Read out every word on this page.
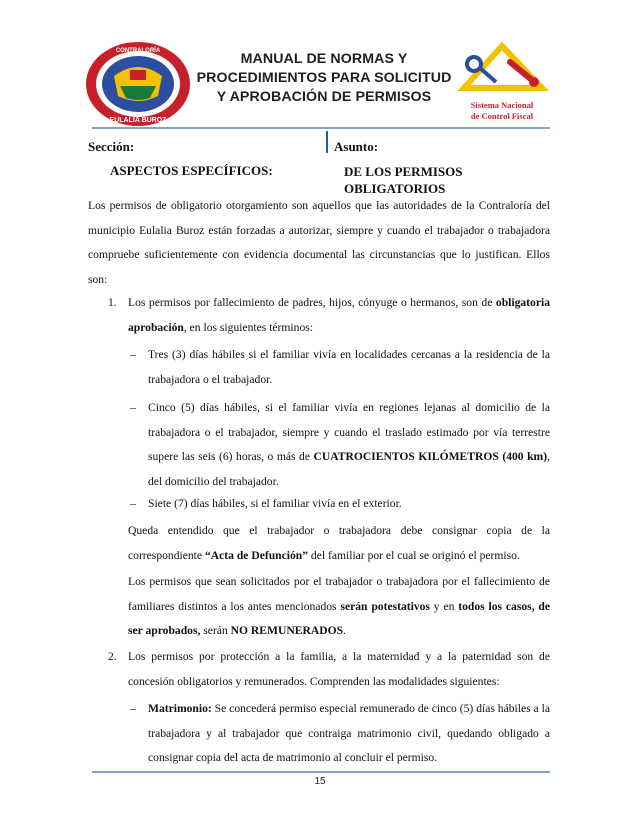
EULALIA BUROZ
CONTRALORÍA	MANUAL DE NORMAS Y
PROCEDIMIENTOS PARA SOLICITUD
Y APROBACIÓN DE PERMISOS	Sistema Nacional
de Control Fiscal
Sección:	Asunto:
ASPECTOS ESPECÍFICOS:	DE LOS PERMISOS
OBLIGATORIOS
Los permisos de obligatorio otorgamiento son aquellos que las autoridades de la Contraloría del municipio Eulalia Buroz están forzadas a autorizar, siempre y cuando el trabajador o trabajadora compruebe suficientemente con evidencia documental las circunstancias que lo justifican. Ellos son:
1. Los permisos por fallecimiento de padres, hijos, cónyuge o hermanos, son de obligatoria aprobación, en los siguientes términos:
– Tres (3) días hábiles si el familiar vivía en localidades cercanas a la residencia de la trabajadora o el trabajador.
– Cinco (5) días hábiles, si el familiar vivía en regiones lejanas al domicilio de la trabajadora o el trabajador, siempre y cuando el traslado estimado por vía terrestre supere las seis (6) horas, o más de CUATROCIENTOS KILÓMETROS (400 km), del domicilio del trabajador.
– Siete (7) días hábiles, si el familiar vivía en el exterior.
Queda entendido que el trabajador o trabajadora debe consignar copia de la correspondiente “Acta de Defunción” del familiar por el cual se originó el permiso.
Los permisos que sean solicitados por el trabajador o trabajadora por el fallecimiento de familiares distintos a los antes mencionados serán potestativos y en todos los casos, de ser aprobados, serán NO REMUNERADOS.
2. Los permisos por protección a la familia, a la maternidad y a la paternidad son de concesión obligatorios y remunerados. Comprenden las modalidades siguientes:
– Matrimonio: Se concederá permiso especial remunerado de cinco (5) días hábiles a la trabajadora y al trabajador que contraiga matrimonio civil, quedando obligado a consignar copia del acta de matrimonio al concluir el permiso.
15
